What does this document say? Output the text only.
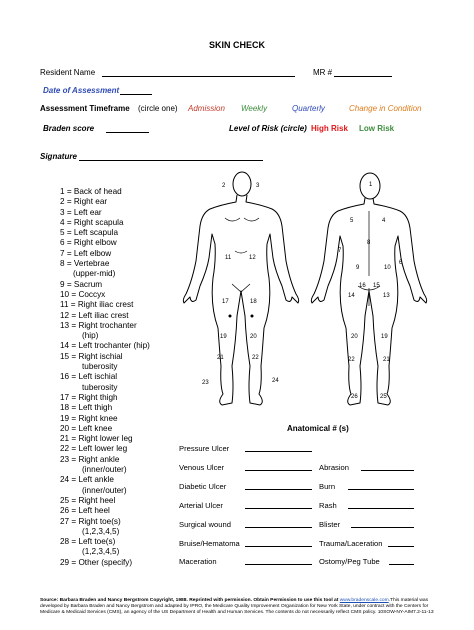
SKIN CHECK
Resident Name	MR #
Date of Assessment
Assessment Timeframe (circle one) Admission Weekly	Quarterly	Change in Condition
Braden score	Level of Risk (circle) High Risk Low Risk
Signature
1 = Back of head
2 = Right ear
3 = Left ear
4 = Right scapula
5 = Left scapula
6 = Right elbow
7 = Left elbow
8 = Vertebrae
(upper-mid)
9 = Sacrum
10 = Coccyx
11 = Right iliac crest
12 = Left iliac crest
13 = Right trochanter
(hip)
14 = Left trochanter (hip)
15 = Right ischial
tuberosity
16 = Left ischial
tuberosity
17 = Right thigh
18 = Left thigh
19 = Right knee
20 = Left knee
21 = Right lower leg
22 = Left lower leg
23 = Right ankle
(inner/outer)
24 = Left ankle
(inner/outer)
25 = Right heel
26 = Left heel
27 = Right toe(s)
(1,2,3,4,5)
28 = Left toe(s)
(1,2,3,4,5)
29 = Other (specify)
2	3
11	12
17	18
19	20
21	22
23	24
1
5	4
7
8
6
9	10
16 15
14	13
20	19
22	21
26	25
Anatomical # (s)
Pressure Ulcer
Venous Ulcer	Abrasion
Diabetic Ulcer	Burn
Arterial Ulcer	Rash
Surgical wound	Blister
Bruise/Hematoma	Trauma/Laceration
Maceration	Ostomy/Peg Tube
Source: Barbara Braden and Nancy Bergstrom Copyright, 1988. Reprinted with permission. Obtain Permission to use this tool at www.bradenscale.com.This material was developed by Barbara Braden and Nancy Bergstrom and adapted by IPRO, the Medicare Quality Improvement Organization for New York State, under contract with the Centers for Medicare & Medicaid Services (CMS), an agency of the US Department of Health and Human Services. The contents do not necessarily reflect CMS policy. 10SOW-NY-AIM7.2-11-13
